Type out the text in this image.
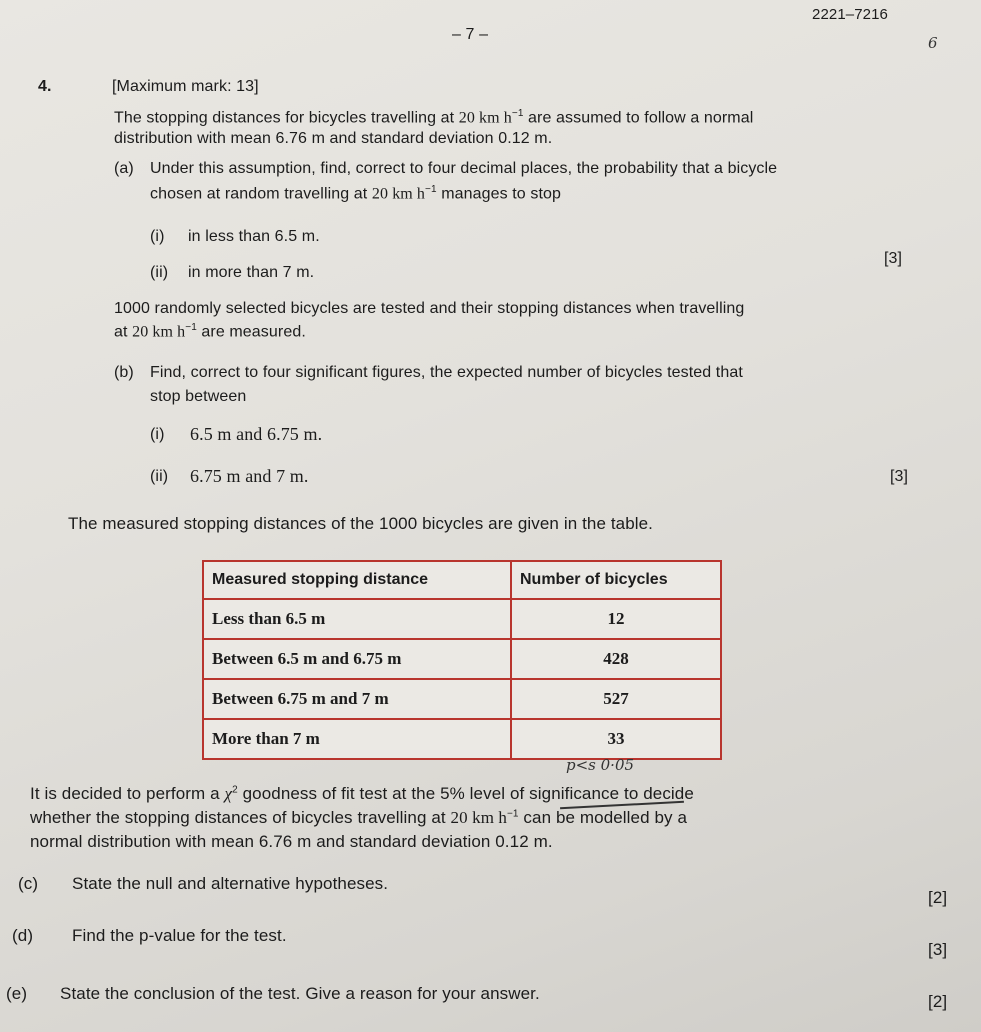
– 7 –
2221–7216
6
4.	[Maximum mark: 13]
The stopping distances for bicycles travelling at 20 km $h^{-1}$ are assumed to follow a normal
distribution with mean 6.76 m and standard deviation 0.12 m.
(a) Under this assumption, find, correct to four decimal places, the probability that a bicycle
chosen at random travelling at 20 km $h^{-1}$ manages to stop
(i) in less than 6.5 m.
(ii) in more than 7 m.
[3]
1000 randomly selected bicycles are tested and their stopping distances when travelling
at 20 km $h^{-1}$ are measured.
(b) Find, correct to four significant figures, the expected number of bicycles tested that
stop between
(i) 6.5 m and 6.75 m.
(ii) 6.75 m and 7 m.	[3]
The measured stopping distances of the 1000 bicycles are given in the table.
Measured stopping distance	Number of bicycles
Less than 6.5 m	12
Between 6.5 m and 6.75 m	428
Between 6.75 m and 7 m	527
More than 7 m	33
p<s 0·05
It is decided to perform a $\chi^2$ goodness of fit test at the 5% level of significance to decide
whether the stopping distances of bicycles travelling at 20 km $h^{-1}$ can be modelled by a
normal distribution with mean 6.76 m and standard deviation 0.12 m.
(c) State the null and alternative hypotheses.
[2]
(d) Find the p-value for the test.
[3]
(e) State the conclusion of the test. Give a reason for your answer.	[2]
